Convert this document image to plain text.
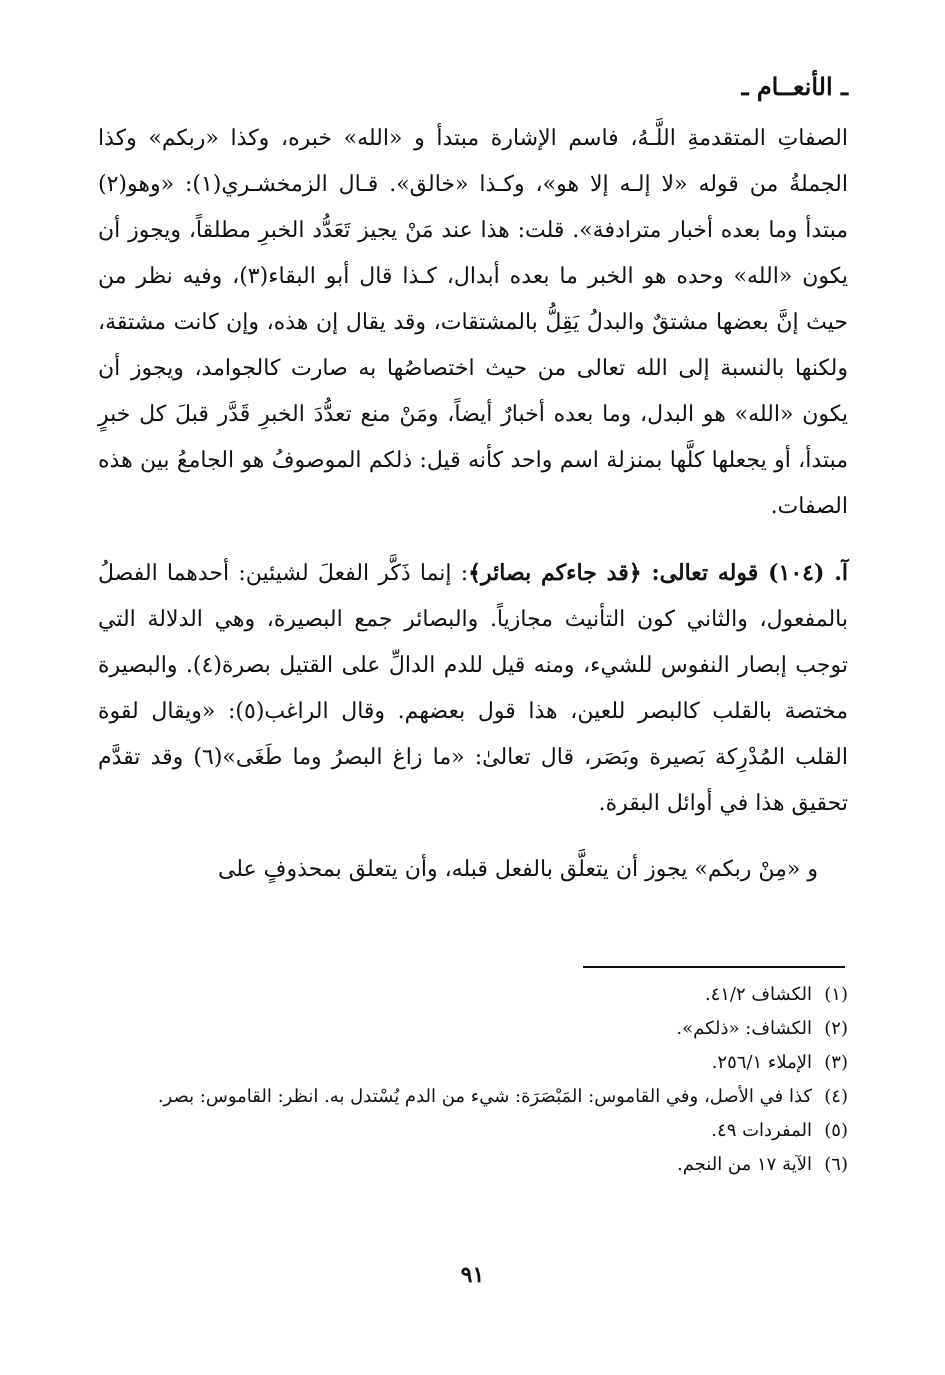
ـ الأنعــام ـ

الصفاتِ المتقدمةِ اللَّـهُ، فاسم الإشارة مبتدأ و «الله» خبره، وكذا «ربكم» وكذا الجملةُ من قوله «لا إلـه إلا هو»، وكـذا «خالق». قـال الزمخشـري(١): «وهو(٢) مبتدأ وما بعده أخبار مترادفة». قلت: هذا عند مَنْ يجيز تَعَدُّد الخبرِ مطلقاً، ويجوز أن يكون «الله» وحده هو الخبر ما بعده أبدال، كـذا قال أبو البقاء(٣)، وفيه نظر من حيث إنَّ بعضها مشتقٌ والبدلُ يَقِلُّ بالمشتقات، وقد يقال إن هذه، وإن كانت مشتقة، ولكنها بالنسبة إلى الله تعالى من حيث اختصاصُها به صارت كالجوامد، ويجوز أن يكون «الله» هو البدل، وما بعده أخبارٌ أيضاً، ومَنْ منع تعدُّدَ الخبرِ قَدَّر قبلَ كل خبرٍ مبتدأ، أو يجعلها كلَّها بمنزلة اسم واحد كأنه قيل: ذلكم الموصوفُ هو الجامعُ بين هذه الصفات.

آ. (١٠٤) قوله تعالى: ﴿قد جاءكم بصائر﴾: إنما ذَكَّر الفعلَ لشيئين: أحدهما الفصلُ بالمفعول، والثاني كون التأنيث مجازياً. والبصائر جمع البصيرة، وهي الدلالة التي توجب إبصار النفوس للشيء، ومنه قيل للدم الدالِّ على القتيل بصرة(٤). والبصيرة مختصة بالقلب كالبصر للعين، هذا قول بعضهم. وقال الراغب(٥): «ويقال لقوة القلب المُدْرِكة بَصيرة وبَصَر، قال تعالىٰ: «ما زاغ البصرُ وما طَغَى»(٦) وقد تقدَّم تحقيق هذا في أوائل البقرة.

و «مِنْ ربكم» يجوز أن يتعلَّق بالفعل قبله، وأن يتعلق بمحذوفٍ على

(١)
الكشاف ٤١/٢.
(٢)
الكشاف: «ذلكم».
(٣)
الإملاء ٢٥٦/١.
(٤)
كذا في الأصل، وفي القاموس: المَبْصَرَة: شيء من الدم يُسْتدل به. انظر: القاموس: بصر.
(٥)
المفردات ٤٩.
(٦)
الآية ١٧ من النجم.
٩١
